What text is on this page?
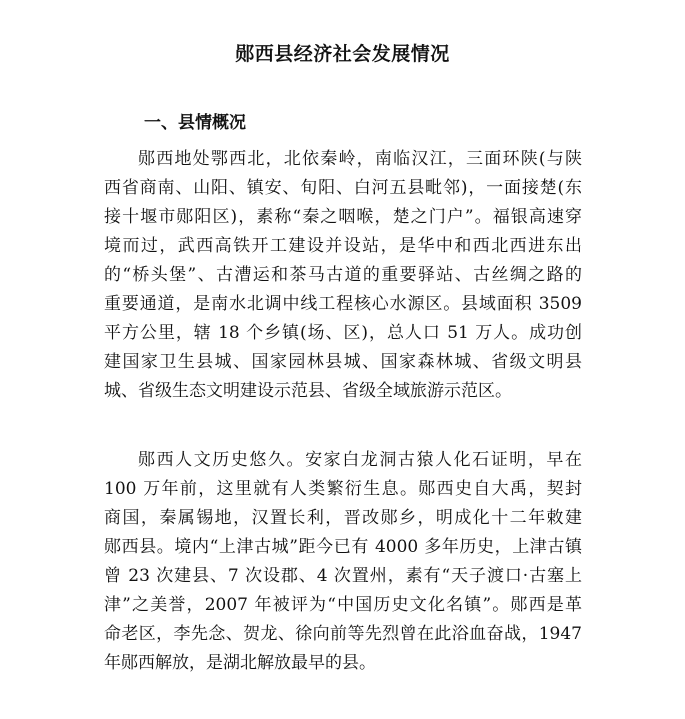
郧西县经济社会发展情况
一、县情概况
郧西地处鄂西北，北依秦岭，南临汉江，三面环陕(与陕
西省商南、山阳、镇安、旬阳、白河五县毗邻)，一面接楚(东
接十堰市郧阳区)，素称“秦之咽喉，楚之门户”。福银高速穿
境而过，武西高铁开工建设并设站，是华中和西北西进东出
的“桥头堡”、古漕运和茶马古道的重要驿站、古丝绸之路的
重要通道，是南水北调中线工程核心水源区。县域面积 3509
平方公里，辖 18 个乡镇(场、区)，总人口 51 万人。成功创
建国家卫生县城、国家园林县城、国家森林城、省级文明县
城、省级生态文明建设示范县、省级全域旅游示范区。
郧西人文历史悠久。安家白龙洞古猿人化石证明，早在
100 万年前，这里就有人类繁衍生息。郧西史自大禹，契封
商国，秦属锡地，汉置长利，晋改郧乡，明成化十二年敕建
郧西县。境内“上津古城”距今已有 4000 多年历史，上津古镇
曾 23 次建县、7 次设郡、4 次置州，素有“天子渡口·古塞上
津”之美誉，2007 年被评为“中国历史文化名镇”。郧西是革
命老区，李先念、贺龙、徐向前等先烈曾在此浴血奋战，1947
年郧西解放，是湖北解放最早的县。
